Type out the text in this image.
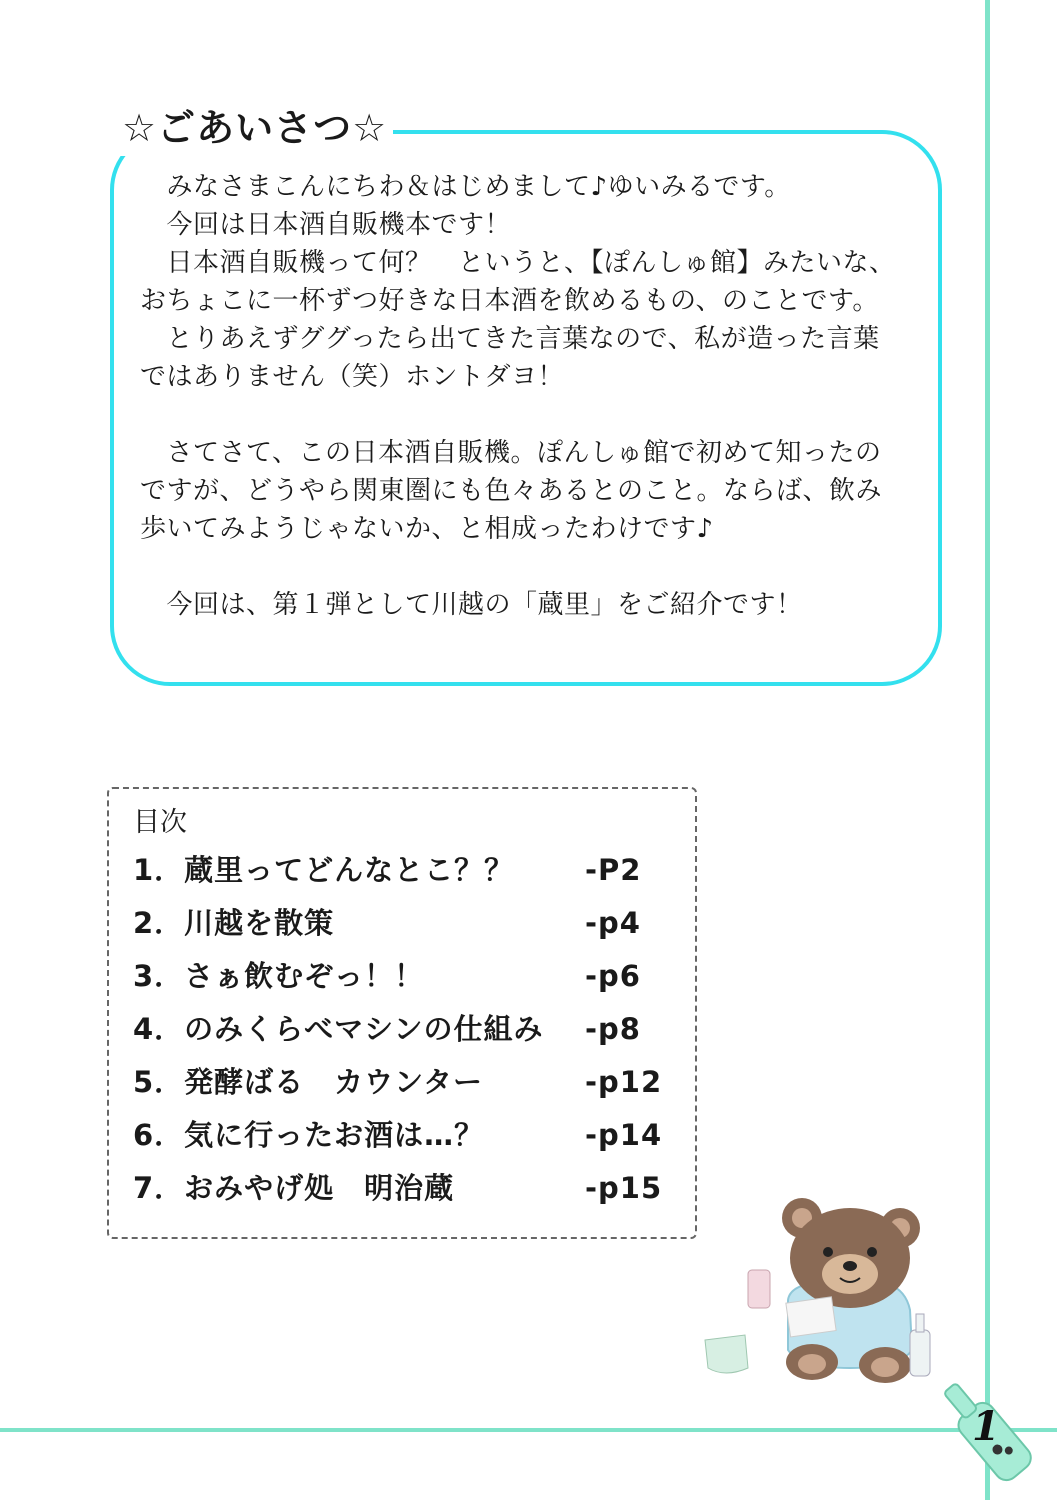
☆ごあいさつ☆

　みなさまこんにちわ＆はじめまして♪ゆいみるです。

　今回は日本酒自販機本です！

　日本酒自販機って何？　というと、【ぽんしゅ館】みたいな、

おちょこに一杯ずつ好きな日本酒を飲めるもの、のことです。

　とりあえずググったら出てきた言葉なので、私が造った言葉

ではありません（笑）ホントダヨ！

　さてさて、この日本酒自販機。ぽんしゅ館で初めて知ったの

ですが、どうやら関東圏にも色々あるとのこと。ならば、飲み

歩いてみようじゃないか、と相成ったわけです♪

　今回は、第１弾として川越の「蔵里」をご紹介です！

目次
1．蔵里ってどんなとこ？？ -P2
2．川越を散策	-p4
3．さぁ飲むぞっ！！	-p6
4．のみくらべマシンの仕組み -p8
5．発酵ばる　カウンター	-p12
6．気に行ったお酒は…？	-p14
7．おみやげ処　明治蔵	-p15
1
